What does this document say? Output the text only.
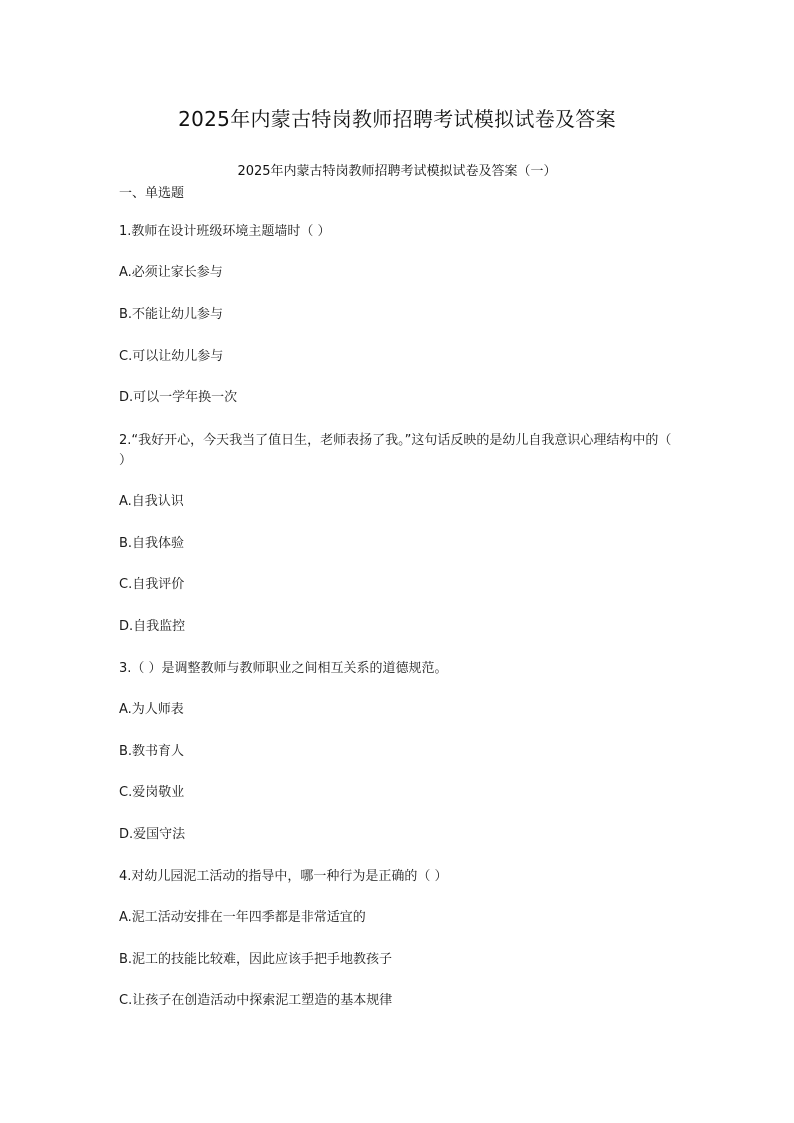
2025年内蒙古特岗教师招聘考试模拟试卷及答案
2025年内蒙古特岗教师招聘考试模拟试卷及答案（一）
一、单选题
1.教师在设计班级环境主题墙时（ ）
A.必须让家长参与
B.不能让幼儿参与
C.可以让幼儿参与
D.可以一学年换一次
2.“我好开心，今天我当了值日生，老师表扬了我。”这句话反映的是幼儿自我意识心理结构中的（ ）
A.自我认识
B.自我体验
C.自我评价
D.自我监控
3.（ ）是调整教师与教师职业之间相互关系的道德规范。
A.为人师表
B.教书育人
C.爱岗敬业
D.爱国守法
4.对幼儿园泥工活动的指导中，哪一种行为是正确的（ ）
A.泥工活动安排在一年四季都是非常适宜的
B.泥工的技能比较难，因此应该手把手地教孩子
C.让孩子在创造活动中探索泥工塑造的基本规律
